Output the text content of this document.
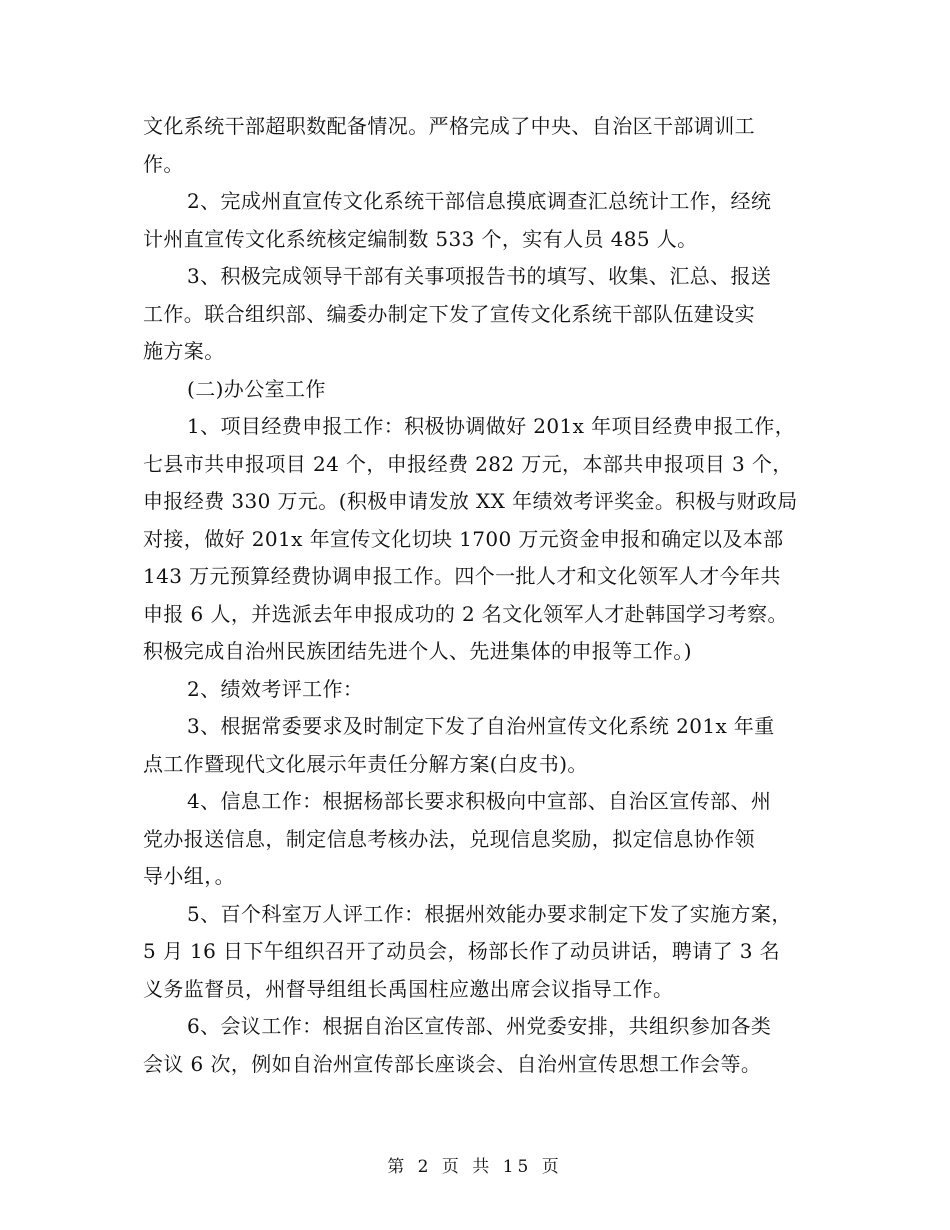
文化系统干部超职数配备情况。严格完成了中央、自治区干部调训工
作。

2、完成州直宣传文化系统干部信息摸底调查汇总统计工作，经统
计州直宣传文化系统核定编制数 533 个，实有人员 485 人。

3、积极完成领导干部有关事项报告书的填写、收集、汇总、报送
工作。联合组织部、编委办制定下发了宣传文化系统干部队伍建设实
施方案。

(二)办公室工作

1、项目经费申报工作：积极协调做好 201x 年项目经费申报工作，
七县市共申报项目 24 个，申报经费 282 万元，本部共申报项目 3 个，
申报经费 330 万元。(积极申请发放 XX 年绩效考评奖金。积极与财政局
对接，做好 201x 年宣传文化切块 1700 万元资金申报和确定以及本部
143 万元预算经费协调申报工作。四个一批人才和文化领军人才今年共
申报 6 人，并选派去年申报成功的 2 名文化领军人才赴韩国学习考察。
积极完成自治州民族团结先进个人、先进集体的申报等工作。)

2、绩效考评工作：

3、根据常委要求及时制定下发了自治州宣传文化系统 201x 年重
点工作暨现代文化展示年责任分解方案(白皮书)。

4、信息工作：根据杨部长要求积极向中宣部、自治区宣传部、州
党办报送信息，制定信息考核办法，兑现信息奖励，拟定信息协作领
导小组，。

5、百个科室万人评工作：根据州效能办要求制定下发了实施方案，
5 月 16 日下午组织召开了动员会，杨部长作了动员讲话，聘请了 3 名
义务监督员，州督导组组长禹国柱应邀出席会议指导工作。

6、会议工作：根据自治区宣传部、州党委安排，共组织参加各类
会议 6 次，例如自治州宣传部长座谈会、自治州宣传思想工作会等。

第 2 页 共 15 页
